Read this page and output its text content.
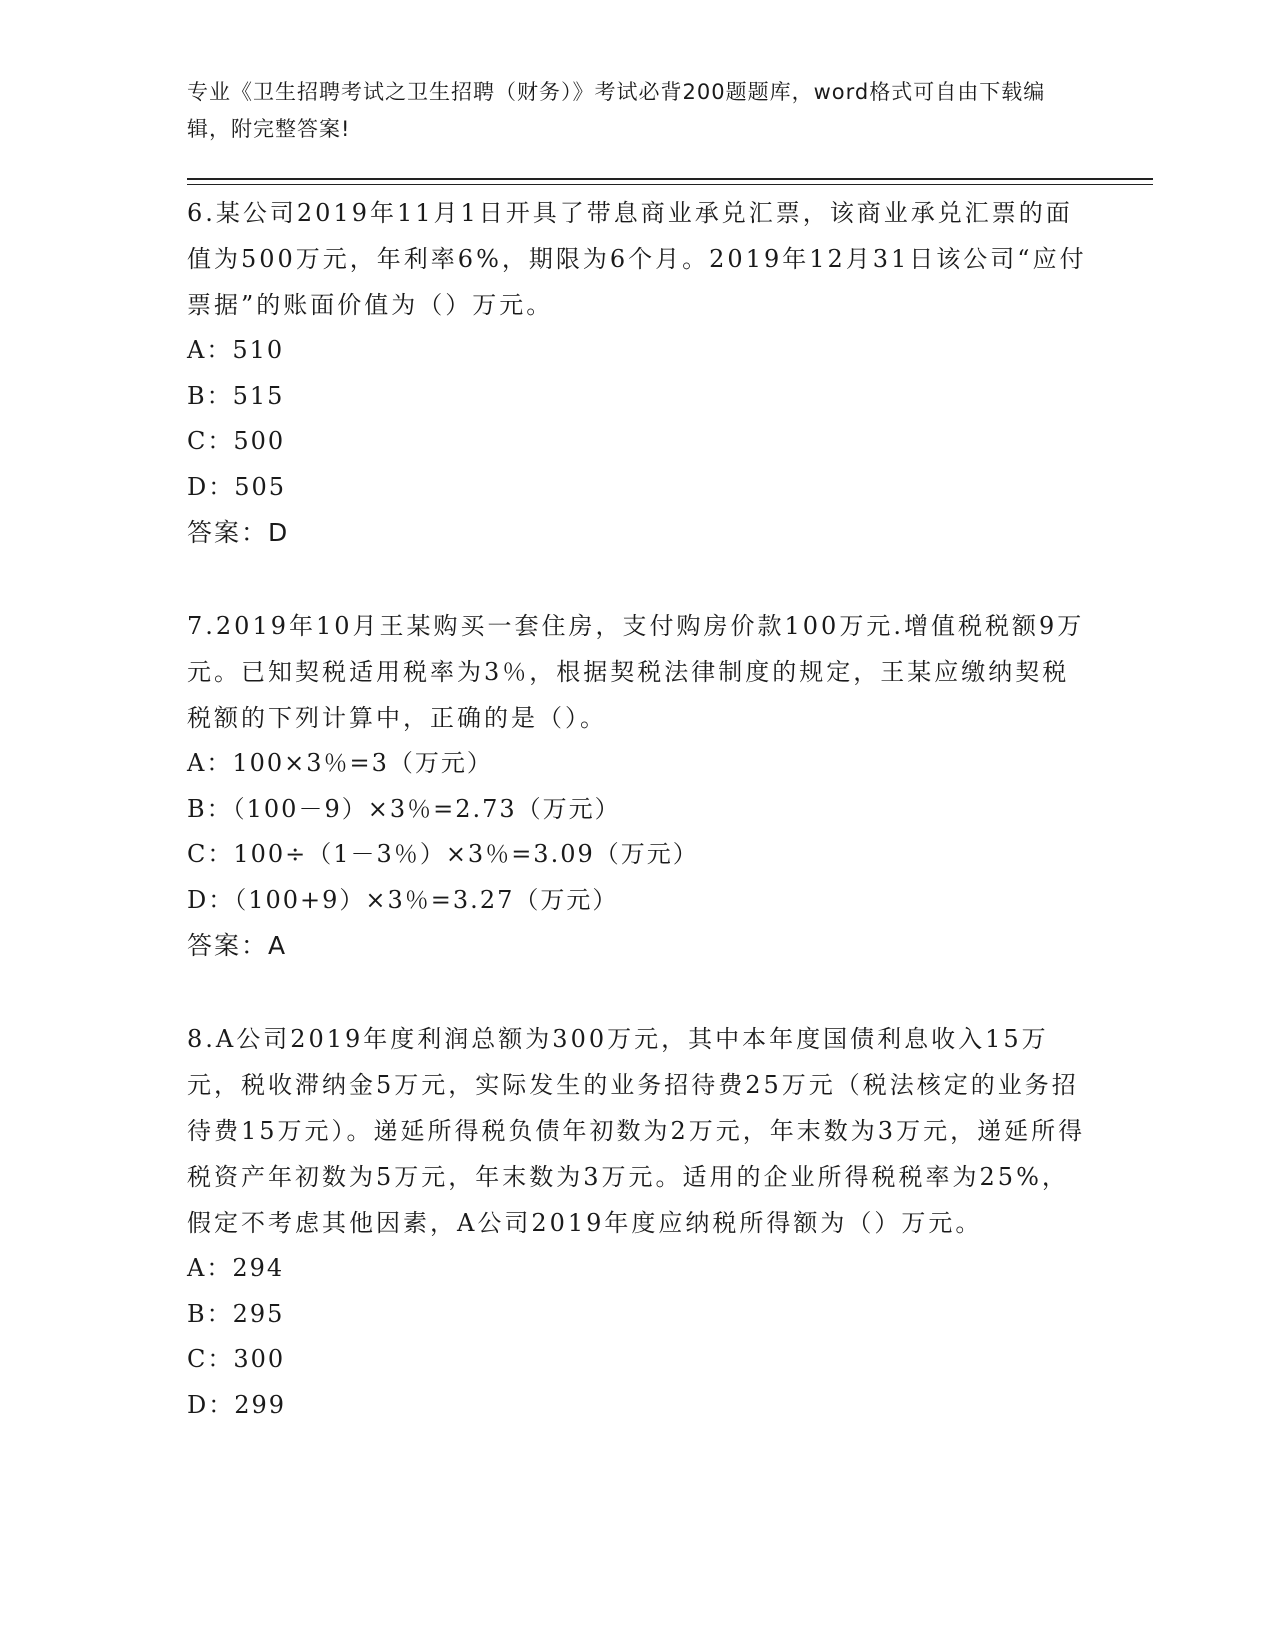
专业《卫生招聘考试之卫生招聘（财务）》考试必背200题题库，word格式可自由下载编辑，附完整答案!

6.某公司2019年11月1日开具了带息商业承兑汇票，该商业承兑汇票的面值为500万元，年利率6%，期限为6个月。2019年12月31日该公司“应付票据”的账面价值为（）万元。

A：510

B：515

C：500

D：505

答案：D

7.2019年10月王某购买一套住房，支付购房价款100万元.增值税税额9万元。已知契税适用税率为3％，根据契税法律制度的规定，王某应缴纳契税税额的下列计算中，正确的是（）。

A：100×3％=3（万元）

B：（100－9）×3％=2.73（万元）

C：100÷（1－3％）×3％=3.09（万元）

D：（100+9）×3％=3.27（万元）

答案：A

8.A公司2019年度利润总额为300万元，其中本年度国债利息收入15万元，税收滞纳金5万元，实际发生的业务招待费25万元（税法核定的业务招待费15万元）。递延所得税负债年初数为2万元，年末数为3万元，递延所得税资产年初数为5万元，年末数为3万元。适用的企业所得税税率为25%，假定不考虑其他因素，A公司2019年度应纳税所得额为（）万元。

A：294

B：295

C：300

D：299
